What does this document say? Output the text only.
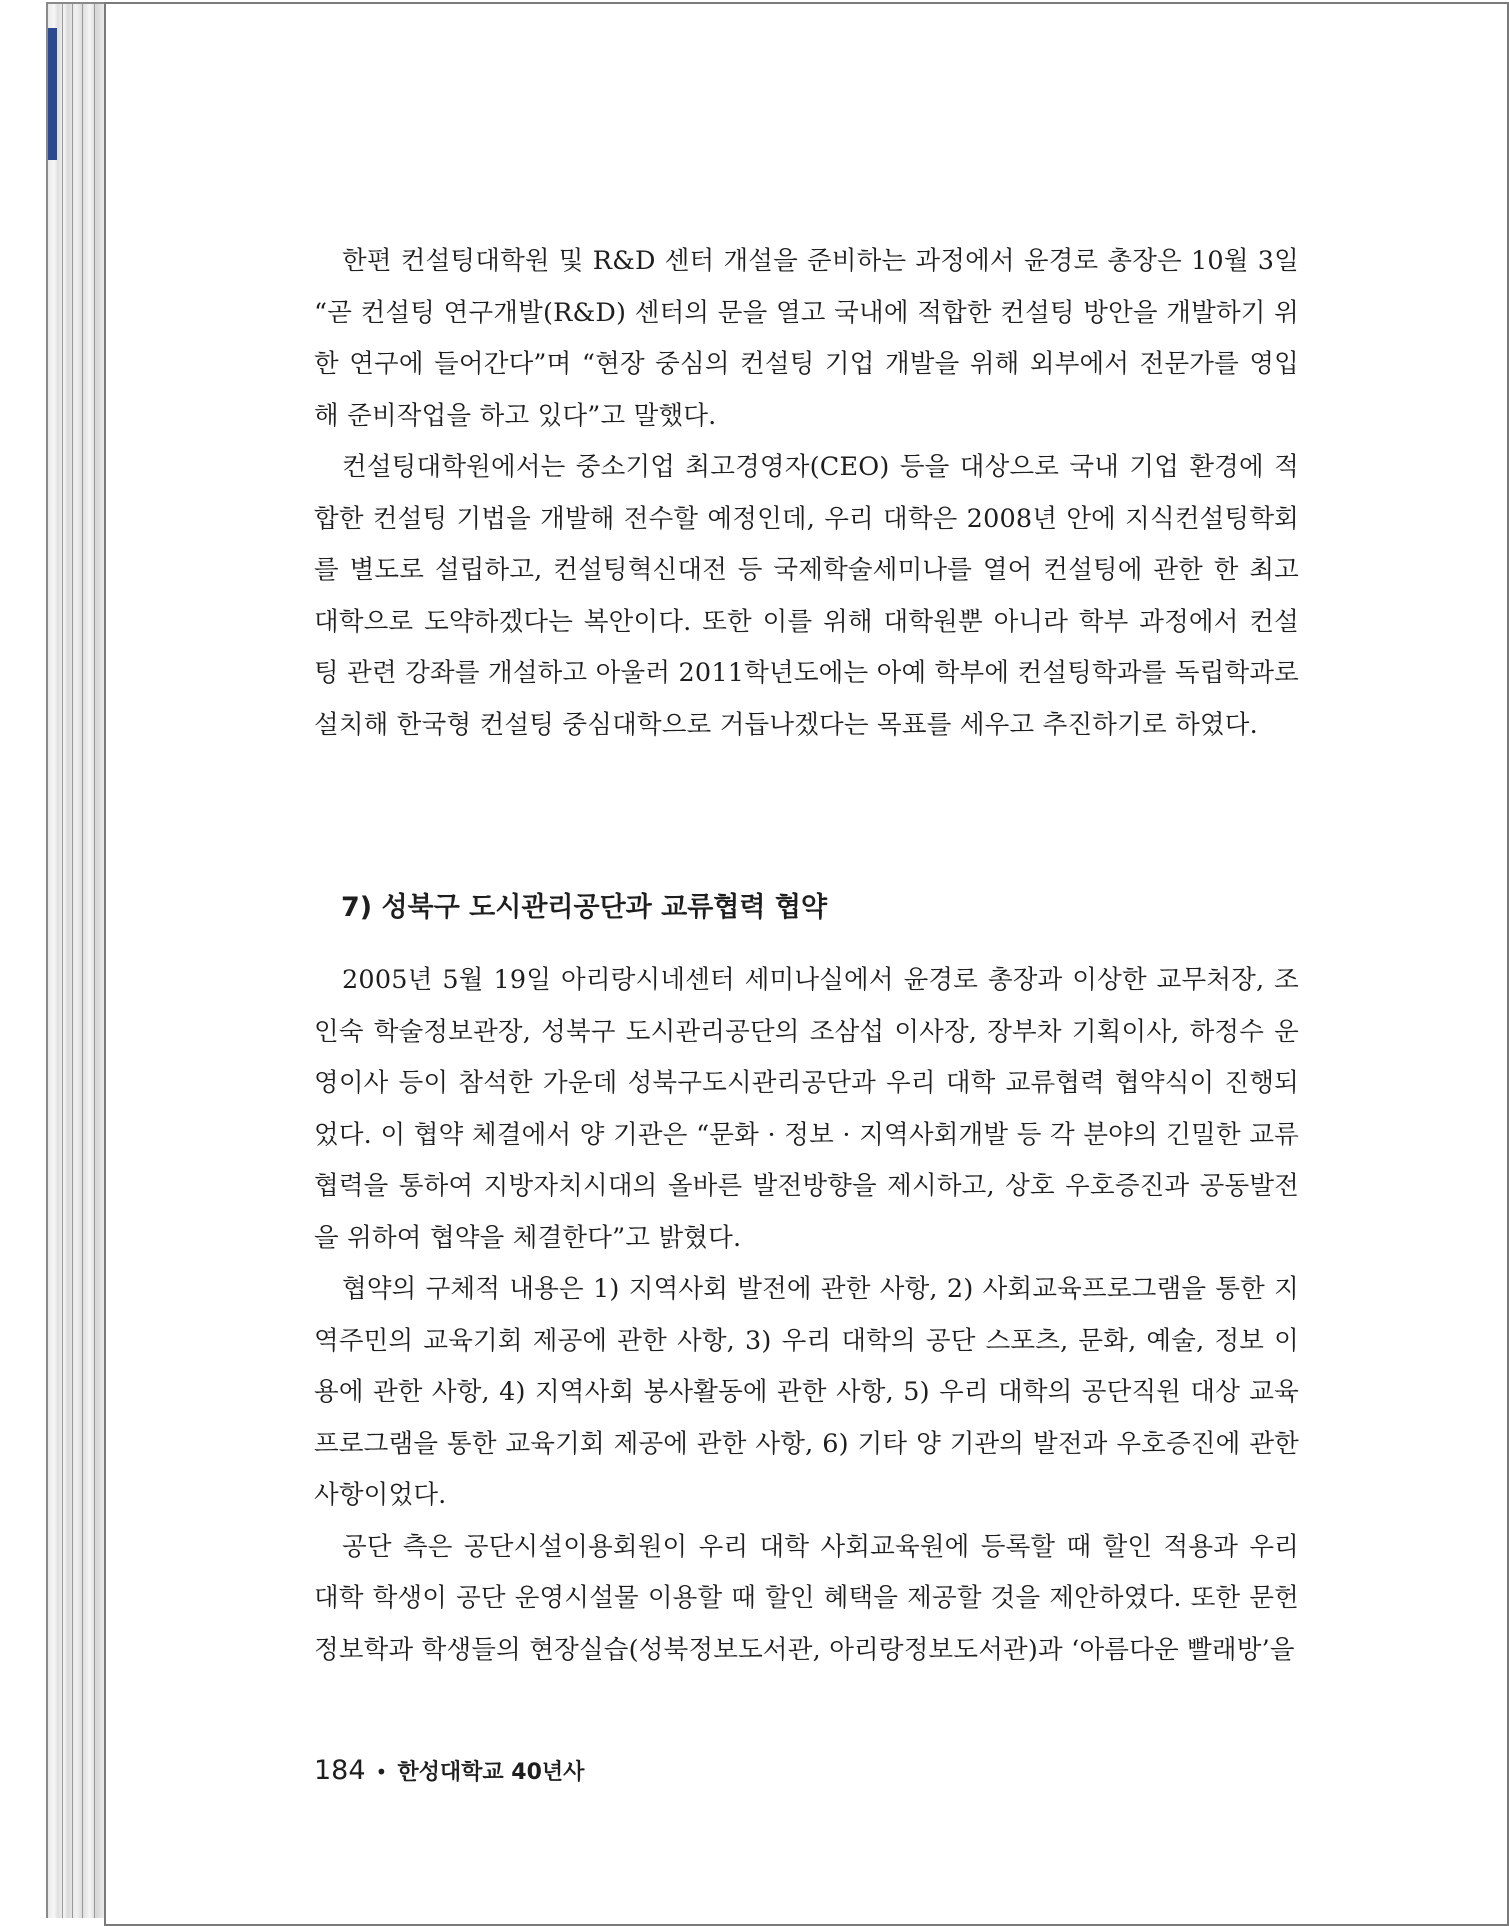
한편 컨설팅대학원 및 R&D 센터 개설을 준비하는 과정에서 윤경로 총장은 10월 3일 “곧 컨설팅 연구개발(R&D) 센터의 문을 열고 국내에 적합한 컨설팅 방안을 개발하기 위한 연구에 들어간다”며 “현장 중심의 컨설팅 기업 개발을 위해 외부에서 전문가를 영입해 준비작업을 하고 있다”고 말했다.

컨설팅대학원에서는 중소기업 최고경영자(CEO) 등을 대상으로 국내 기업 환경에 적합한 컨설팅 기법을 개발해 전수할 예정인데, 우리 대학은 2008년 안에 지식컨설팅학회를 별도로 설립하고, 컨설팅혁신대전 등 국제학술세미나를 열어 컨설팅에 관한 한 최고 대학으로 도약하겠다는 복안이다. 또한 이를 위해 대학원뿐 아니라 학부 과정에서 컨설팅 관련 강좌를 개설하고 아울러 2011학년도에는 아예 학부에 컨설팅학과를 독립학과로 설치해 한국형 컨설팅 중심대학으로 거듭나겠다는 목표를 세우고 추진하기로 하였다.

7) 성북구 도시관리공단과 교류협력 협약

2005년 5월 19일 아리랑시네센터 세미나실에서 윤경로 총장과 이상한 교무처장, 조인숙 학술정보관장, 성북구 도시관리공단의 조삼섭 이사장, 장부차 기획이사, 하정수 운영이사 등이 참석한 가운데 성북구도시관리공단과 우리 대학 교류협력 협약식이 진행되었다. 이 협약 체결에서 양 기관은 “문화 · 정보 · 지역사회개발 등 각 분야의 긴밀한 교류협력을 통하여 지방자치시대의 올바른 발전방향을 제시하고, 상호 우호증진과 공동발전을 위하여 협약을 체결한다”고 밝혔다.

협약의 구체적 내용은 1) 지역사회 발전에 관한 사항, 2) 사회교육프로그램을 통한 지역주민의 교육기회 제공에 관한 사항, 3) 우리 대학의 공단 스포츠, 문화, 예술, 정보 이용에 관한 사항, 4) 지역사회 봉사활동에 관한 사항, 5) 우리 대학의 공단직원 대상 교육프로그램을 통한 교육기회 제공에 관한 사항, 6) 기타 양 기관의 발전과 우호증진에 관한 사항이었다.

공단 측은 공단시설이용회원이 우리 대학 사회교육원에 등록할 때 할인 적용과 우리 대학 학생이 공단 운영시설물 이용할 때 할인 혜택을 제공할 것을 제안하였다. 또한 문헌정보학과 학생들의 현장실습(성북정보도서관, 아리랑정보도서관)과 ‘아름다운 빨래방’을

184 • 한성대학교 40년사
